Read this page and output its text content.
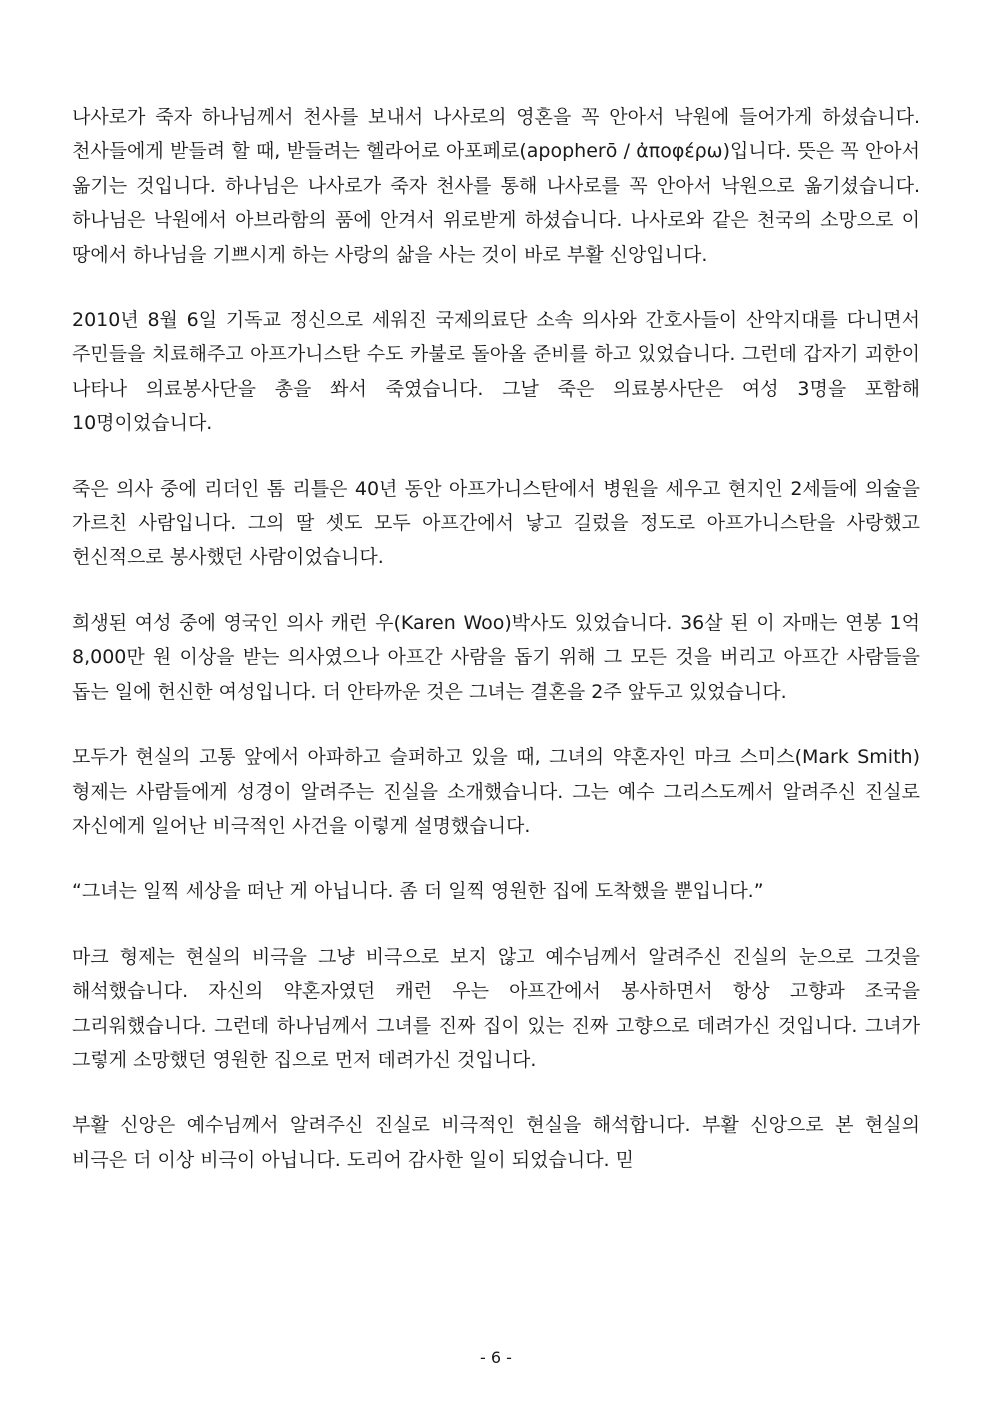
나사로가 죽자 하나님께서 천사를 보내서 나사로의 영혼을 꼭 안아서 낙원에 들어가게 하셨습니다. 천사들에게 받들려 할 때, 받들려는 헬라어로 아포페로(apopherō / ἀποφέρω)입니다. 뜻은 꼭 안아서 옮기는 것입니다. 하나님은 나사로가 죽자 천사를 통해 나사로를 꼭 안아서 낙원으로 옮기셨습니다. 하나님은 낙원에서 아브라함의 품에 안겨서 위로받게 하셨습니다. 나사로와 같은 천국의 소망으로 이 땅에서 하나님을 기쁘시게 하는 사랑의 삶을 사는 것이 바로 부활 신앙입니다.

2010년 8월 6일 기독교 정신으로 세워진 국제의료단 소속 의사와 간호사들이 산악지대를 다니면서 주민들을 치료해주고 아프가니스탄 수도 카불로 돌아올 준비를 하고 있었습니다. 그런데 갑자기 괴한이 나타나 의료봉사단을 총을 쏴서 죽였습니다. 그날 죽은 의료봉사단은 여성 3명을 포함해 10명이었습니다.

죽은 의사 중에 리더인 톰 리틀은 40년 동안 아프가니스탄에서 병원을 세우고 현지인 2세들에 의술을 가르친 사람입니다. 그의 딸 셋도 모두 아프간에서 낳고 길렀을 정도로 아프가니스탄을 사랑했고 헌신적으로 봉사했던 사람이었습니다.

희생된 여성 중에 영국인 의사 캐런 우(Karen Woo)박사도 있었습니다. 36살 된 이 자매는 연봉 1억 8,000만 원 이상을 받는 의사였으나 아프간 사람을 돕기 위해 그 모든 것을 버리고 아프간 사람들을 돕는 일에 헌신한 여성입니다. 더 안타까운 것은 그녀는 결혼을 2주 앞두고 있었습니다.

모두가 현실의 고통 앞에서 아파하고 슬퍼하고 있을 때, 그녀의 약혼자인 마크 스미스(Mark Smith) 형제는 사람들에게 성경이 알려주는 진실을 소개했습니다. 그는 예수 그리스도께서 알려주신 진실로 자신에게 일어난 비극적인 사건을 이렇게 설명했습니다.

“그녀는 일찍 세상을 떠난 게 아닙니다. 좀 더 일찍 영원한 집에 도착했을 뿐입니다.”

마크 형제는 현실의 비극을 그냥 비극으로 보지 않고 예수님께서 알려주신 진실의 눈으로 그것을 해석했습니다. 자신의 약혼자였던 캐런 우는 아프간에서 봉사하면서 항상 고향과 조국을 그리워했습니다. 그런데 하나님께서 그녀를 진짜 집이 있는 진짜 고향으로 데려가신 것입니다. 그녀가 그렇게 소망했던 영원한 집으로 먼저 데려가신 것입니다.

부활 신앙은 예수님께서 알려주신 진실로 비극적인 현실을 해석합니다. 부활 신앙으로 본 현실의 비극은 더 이상 비극이 아닙니다. 도리어 감사한 일이 되었습니다. 믿

- 6 -
